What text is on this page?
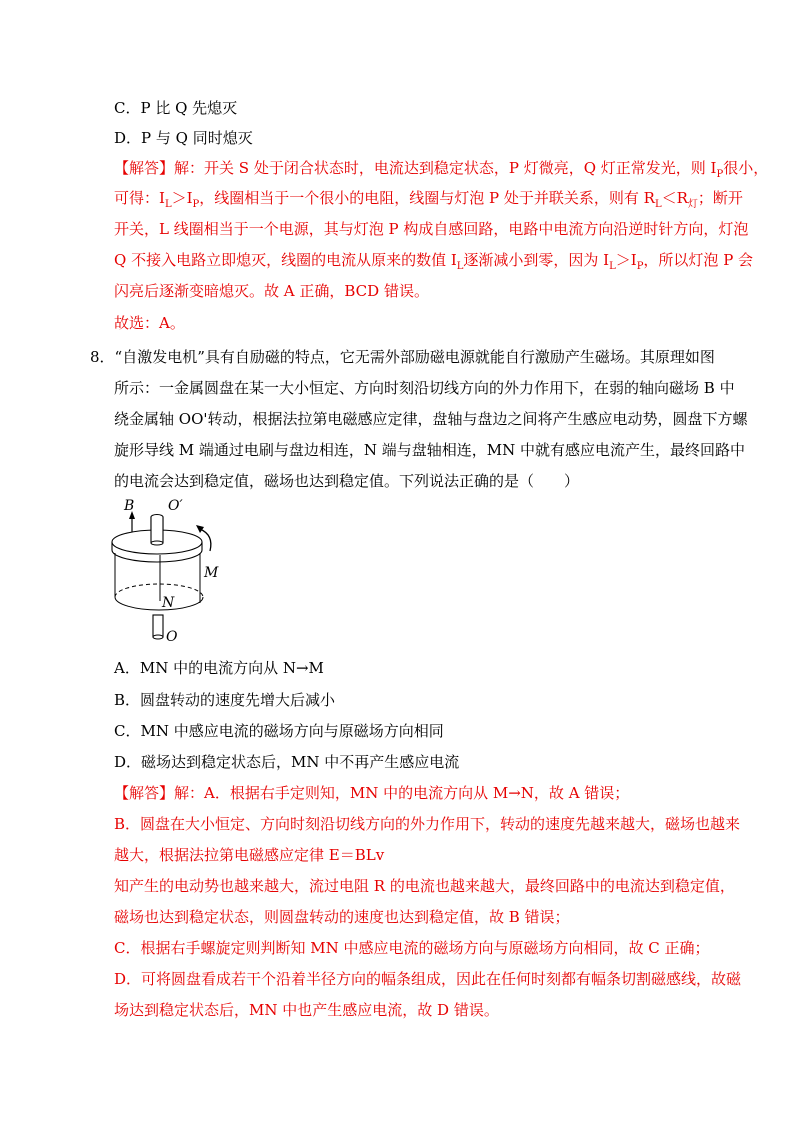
C．P 比 Q 先熄灭
D．P 与 Q 同时熄灭
【解答】解：开关 S 处于闭合状态时，电流达到稳定状态，P 灯微亮，Q 灯正常发光，则 $I_P$很小，
可得：$I_L>I_P$，线圈相当于一个很小的电阻，线圈与灯泡 P 处于并联关系，则有 $R_L<R_灯$；断开
开关，L 线圈相当于一个电源，其与灯泡 P 构成自感回路，电路中电流方向沿逆时针方向，灯泡
Q 不接入电路立即熄灭，线圈的电流从原来的数值 $I_L$逐渐减小到零，因为 $I_L>I_P$，所以灯泡 P 会
闪亮后逐渐变暗熄灭。故 A 正确，BCD 错误。
故选：A。
8．“自激发电机”具有自励磁的特点，它无需外部励磁电源就能自行激励产生磁场。其原理如图
所示：一金属圆盘在某一大小恒定、方向时刻沿切线方向的外力作用下，在弱的轴向磁场 B 中
绕金属轴 OO'转动，根据法拉第电磁感应定律，盘轴与盘边之间将产生感应电动势，圆盘下方螺
旋形导线 M 端通过电刷与盘边相连，N 端与盘轴相连，MN 中就有感应电流产生，最终回路中
的电流会达到稳定值，磁场也达到稳定值。下列说法正确的是（　　）
B O′
M
N
O
A．MN 中的电流方向从 N→M
B．圆盘转动的速度先增大后减小
C．MN 中感应电流的磁场方向与原磁场方向相同
D．磁场达到稳定状态后，MN 中不再产生感应电流
【解答】解：A．根据右手定则知，MN 中的电流方向从 M→N，故 A 错误；
B．圆盘在大小恒定、方向时刻沿切线方向的外力作用下，转动的速度先越来越大，磁场也越来
越大，根据法拉第电磁感应定律 E＝BLv
知产生的电动势也越来越大，流过电阻 R 的电流也越来越大，最终回路中的电流达到稳定值，
磁场也达到稳定状态，则圆盘转动的速度也达到稳定值，故 B 错误；
C．根据右手螺旋定则判断知 MN 中感应电流的磁场方向与原磁场方向相同，故 C 正确；
D．可将圆盘看成若干个沿着半径方向的幅条组成，因此在任何时刻都有幅条切割磁感线，故磁
场达到稳定状态后，MN 中也产生感应电流，故 D 错误。
